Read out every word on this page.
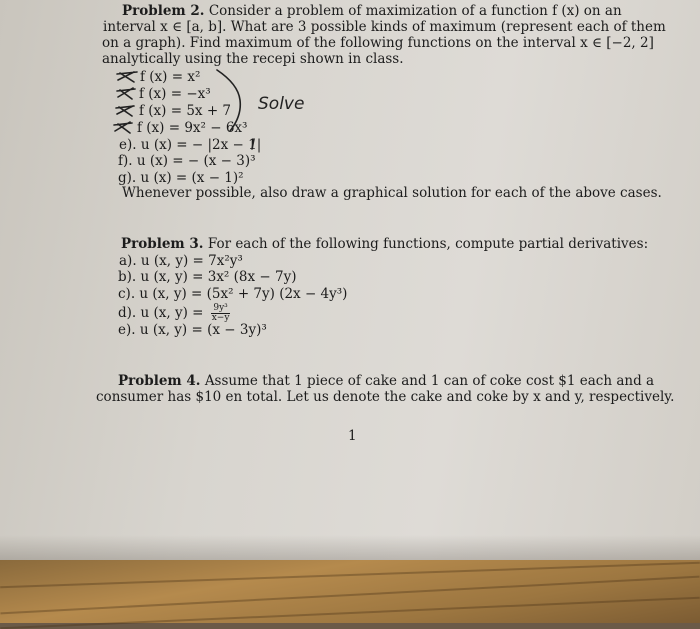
Problem 2. Consider a problem of maximization of a function f (x) on an
interval x ∈ [a, b]. What are 3 possible kinds of maximum (represent each of them
on a graph). Find maximum of the following functions on the interval x ∈ [−2, 2]
analytically using the recepi shown in class.
f (x) = x²
f (x) = −x³
f (x) = 5x + 7
f (x) = 9x² − 6x³
e). u (x) = − |2x − 1|
f). u (x) = − (x − 3)³
g). u (x) = (x − 1)²
Whenever possible, also draw a graphical solution for each of the above cases.
Solve
Problem 3. For each of the following functions, compute partial derivatives:
a). u (x, y) = 7x²y³
b). u (x, y) = 3x² (8x − 7y)
c). u (x, y) = (5x² + 7y) (2x − 4y³)
d). u (x, $y) = \frac{\text{9y³}}{x-y}$
e). u (x, y) = (x − 3y)³
Problem 4. Assume that 1 piece of cake and 1 can of coke cost $1 each and a
consumer has $10 en total. Let us denote the cake and coke by x and y, respectively.
1
